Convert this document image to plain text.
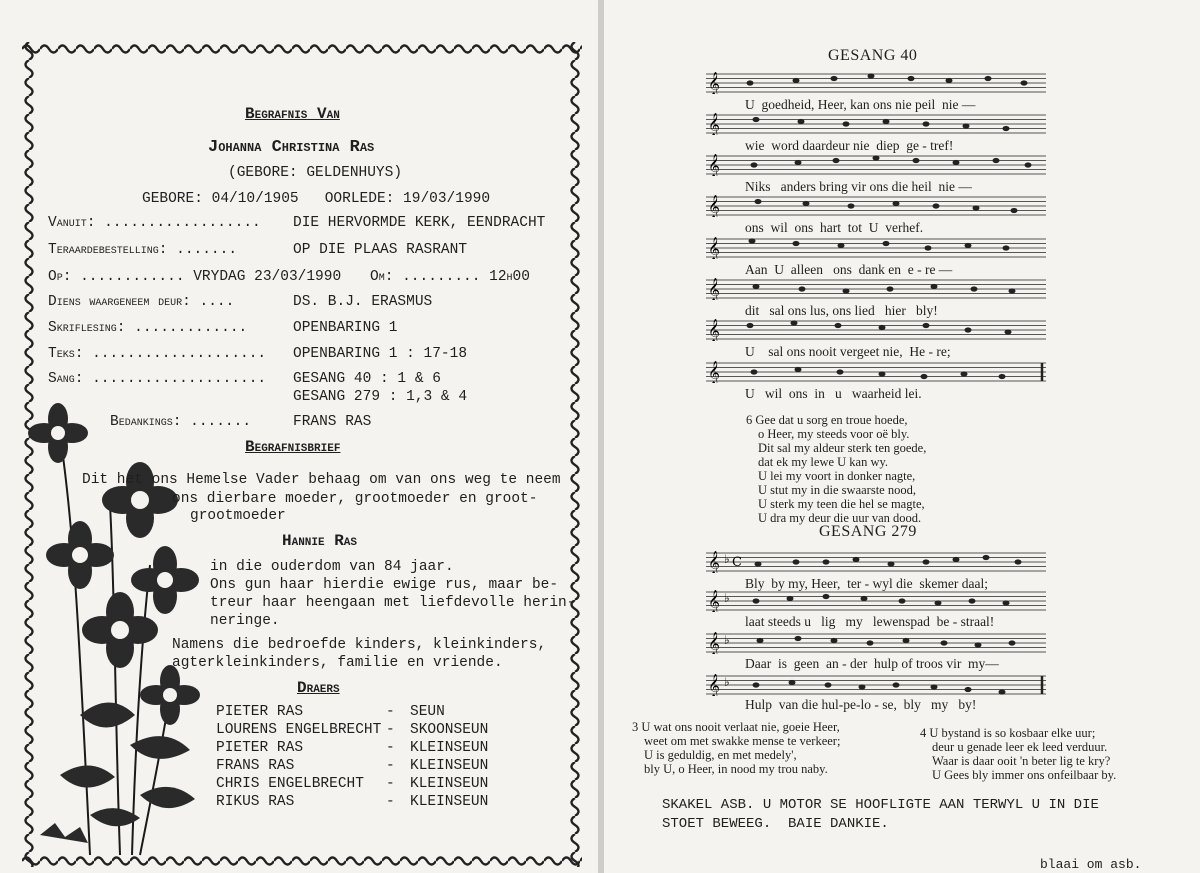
Begrafnis Van
Johanna Christina Ras
(GEBORE: GELDENHUYS)
GEBORE: 04/10/1905   OORLEDE: 19/03/1990
Vanuit: .................. DIE HERVORMDE KERK, EENDRACHT
Teraardebestelling: .......	OP DIE PLAAS RASRANT
Op: ............ VRYDAG 23/03/1990 Om: ......... 12h00
Diens waargeneem deur: ....	DS. B.J. ERASMUS
Skriflesing: .............	OPENBARING 1
Teks: .................... OPENBARING 1 : 17-18
Sang: .................... GESANG 40 : 1 & 6
GESANG 279 : 1,3 & 4
Bedankings: .......	FRANS RAS
Begrafnisbrief
Dit het ons Hemelse Vader behaag om van ons weg te neem
ons dierbare moeder, grootmoeder en groot-
grootmoeder
Hannie Ras
in die ouderdom van 84 jaar.
Ons gun haar hierdie ewige rus, maar be-
treur haar heengaan met liefdevolle herin-
neringe.
Namens die bedroefde kinders, kleinkinders,
agterkleinkinders, familie en vriende.
Draers
PIETER RAS	- SEUN
LOURENS ENGELBRECHT - SKOONSEUN
PIETER RAS	- KLEINSEUN
FRANS RAS	- KLEINSEUN
CHRIS ENGELBRECHT - KLEINSEUN
RIKUS RAS	- KLEINSEUN
GESANG 40
𝄞
U  goedheid, Heer, kan ons nie peil  nie —
𝄞
wie  word daardeur nie  diep  ge - tref!
𝄞
Niks   anders bring vir ons die heil  nie —
𝄞
ons  wil  ons  hart  tot  U  verhef.
𝄞
Aan  U  alleen   ons  dank en  e - re —
𝄞
dit   sal ons lus, ons lied   hier   bly!
𝄞
U    sal ons nooit vergeet nie,  He - re;
𝄞
U   wil  ons  in   u   waarheid lei.
6 Gee dat u sorg en troue hoede,
o Heer, my steeds voor oë bly.
Dit sal my aldeur sterk ten goede,
dat ek my lewe U kan wy.
U lei my voort in donker nagte,
U stut my in die swaarste nood,
U sterk my teen die hel se magte,
U dra my deur die uur van dood.
GESANG 279
𝄞 ♭ C
Bly  by my, Heer,  ter - wyl die  skemer daal;
𝄞 ♭
laat steeds u   lig   my   lewenspad  be - straal!
𝄞 ♭
Daar  is  geen  an - der  hulp of troos vir  my—
𝄞 ♭
Hulp  van die hul-pe-lo - se,  bly   my   by!
3 U wat ons nooit verlaat nie, goeie Heer,
weet om met swakke mense te verkeer;
U is geduldig, en met medely',
bly U, o Heer, in nood my trou naby.
4 U bystand is so kosbaar elke uur;
deur u genade leer ek leed verduur.
Waar is daar ooit 'n beter lig te kry?
U Gees bly immer ons onfeilbaar by.
SKAKEL ASB. U MOTOR SE HOOFLIGTE AAN TERWYL U IN DIE
STOET BEWEEG.  BAIE DANKIE.
blaai om asb.
